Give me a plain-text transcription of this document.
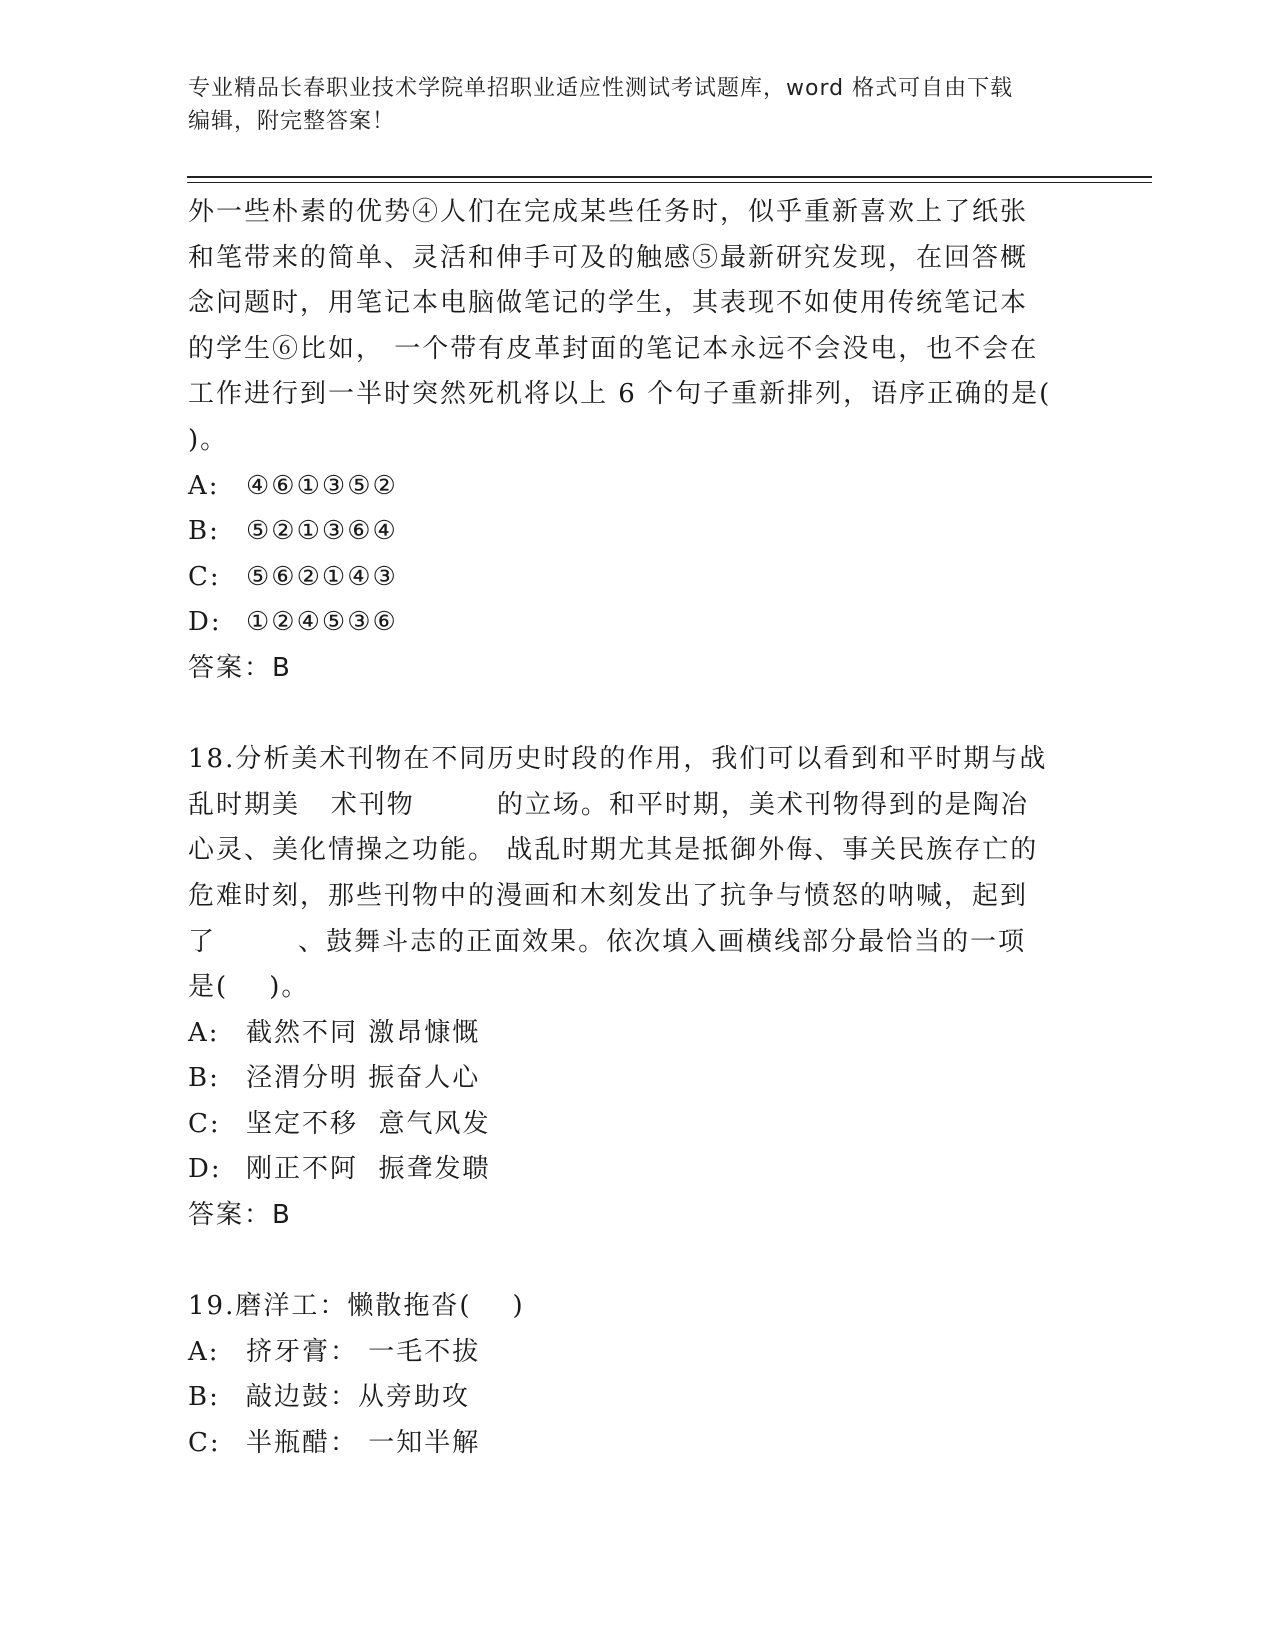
专业精品长春职业技术学院单招职业适应性测试考试题库，word 格式可自由下载
编辑，附完整答案！
外一些朴素的优势④人们在完成某些任务时，似乎重新喜欢上了纸张
和笔带来的简单、灵活和伸手可及的触感⑤最新研究发现，在回答概
念问题时，用笔记本电脑做笔记的学生，其表现不如使用传统笔记本
的学生⑥比如， 一个带有皮革封面的笔记本永远不会没电，也不会在
工作进行到一半时突然死机将以上 6 个句子重新排列，语序正确的是(
)。
A: ④⑥①③⑤②
B: ⑤②①③⑥④
C: ⑤⑥②①④③
D: ①②④⑤③⑥
答案：B
18.分析美术刊物在不同历史时段的作用，我们可以看到和平时期与战
乱时期美   术刊物        的立场。和平时期，美术刊物得到的是陶冶
心灵、美化情操之功能。 战乱时期尤其是抵御外侮、事关民族存亡的
危难时刻，那些刊物中的漫画和木刻发出了抗争与愤怒的呐喊，起到
了        、鼓舞斗志的正面效果。依次填入画横线部分最恰当的一项
是(    )。
A: 截然不同 激昂慷慨
B: 泾渭分明 振奋人心
C: 坚定不移  意气风发
D: 刚正不阿  振聋发聩
答案：B
19.磨洋工：懒散拖沓(    )
A: 挤牙膏： 一毛不拔
B: 敲边鼓：从旁助攻
C: 半瓶醋： 一知半解
